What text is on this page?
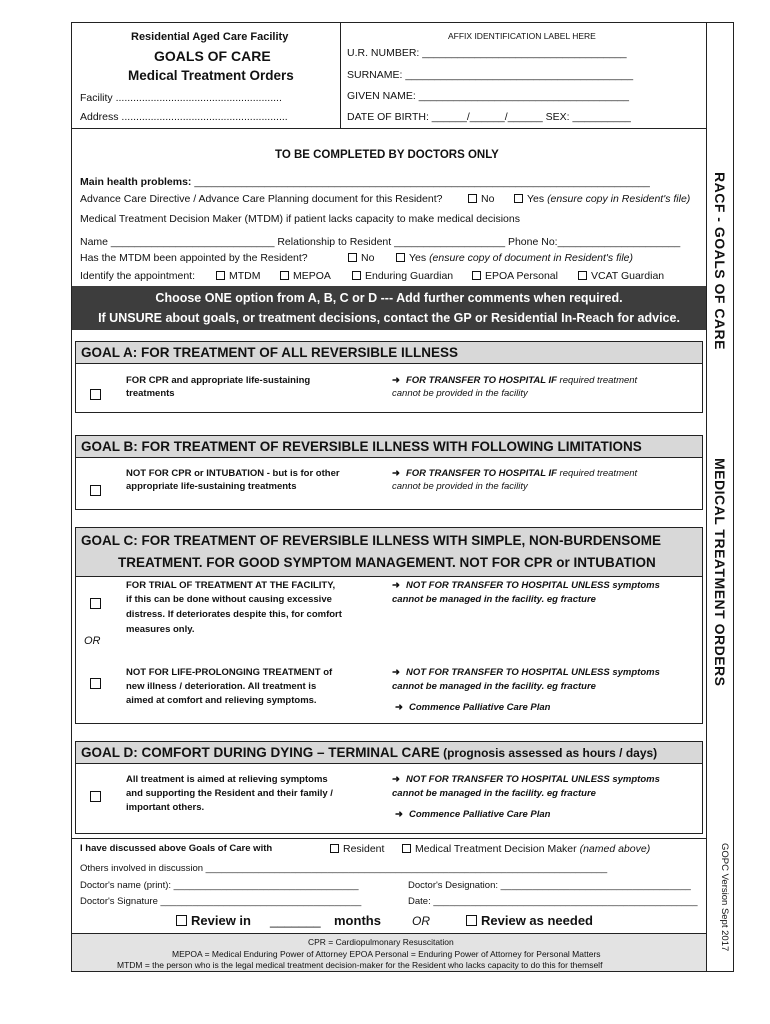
Residential Aged Care Facility
GOALS OF CARE
Medical Treatment Orders
Facility .........................................................
Address .........................................................
AFFIX IDENTIFICATION LABEL HERE
U.R. NUMBER: ___________________________________
SURNAME: _______________________________________
GIVEN NAME: ____________________________________
DATE OF BIRTH: ______/______/______ SEX: __________
TO BE COMPLETED BY DOCTORS ONLY
Main health problems: ______________________________________________________________________________
Advance Care Directive / Advance Care Planning document for this Resident?	No	Yes (ensure copy in Resident's file)
Medical Treatment Decision Maker (MTDM) if patient lacks capacity to make medical decisions
Name ____________________________ Relationship to Resident ___________________ Phone No:_____________________
Has the MTDM been appointed by the Resident?	No	Yes (ensure copy of document in Resident's file)
Identify the appointment:	MTDM	MEPOA	Enduring Guardian	EPOA Personal	VCAT Guardian
Choose ONE option from A, B, C or D --- Add further comments when required.
If UNSURE about goals, or treatment decisions, contact the GP or Residential In-Reach for advice.
GOAL A: FOR TREATMENT OF ALL REVERSIBLE ILLNESS
FOR CPR and appropriate life-sustaining
treatments
➜ FOR TRANSFER TO HOSPITAL IF required treatment
cannot be provided in the facility
GOAL B: FOR TREATMENT OF REVERSIBLE ILLNESS WITH FOLLOWING LIMITATIONS
NOT FOR CPR or INTUBATION - but is for other
appropriate life-sustaining treatments
➜ FOR TRANSFER TO HOSPITAL IF required treatment
cannot be provided in the facility
GOAL C: FOR TREATMENT OF REVERSIBLE ILLNESS WITH SIMPLE, NON-BURDENSOME
TREATMENT. FOR GOOD SYMPTOM MANAGEMENT. NOT FOR CPR or INTUBATION
FOR TRIAL OF TREATMENT AT THE FACILITY,
if this can be done without causing excessive
distress. If deteriorates despite this, for comfort
measures only.
➜ NOT FOR TRANSFER TO HOSPITAL UNLESS symptoms
cannot be managed in the facility. eg fracture
OR
NOT FOR LIFE-PROLONGING TREATMENT of
new illness / deterioration. All treatment is
aimed at comfort and relieving symptoms.
➜ NOT FOR TRANSFER TO HOSPITAL UNLESS symptoms
cannot be managed in the facility. eg fracture
➜ Commence Palliative Care Plan
GOAL D: COMFORT DURING DYING – TERMINAL CARE (prognosis assessed as hours / days)
All treatment is aimed at relieving symptoms
and supporting the Resident and their family /
important others.
➜ NOT FOR TRANSFER TO HOSPITAL UNLESS symptoms
cannot be managed in the facility. eg fracture
➜ Commence Palliative Care Plan
I have discussed above Goals of Care with	Resident	Medical Treatment Decision Maker (named above)
Others involved in discussion ____________________________________________________________________________
Doctor's name (print): ___________________________________	Doctor's Designation: ____________________________________
Doctor's Signature ______________________________________	Date: __________________________________________________
Review in _______ months	OR	Review as needed
CPR = Cardiopulmonary Resuscitation
MEPOA = Medical Enduring Power of Attorney EPOA Personal = Enduring Power of Attorney for Personal Matters
MTDM = the person who is the legal medical treatment decision-maker for the Resident who lacks capacity to do this for themself
RACF - GOALS OF CARE
MEDICAL TREATMENT ORDERS
GOPC Version Sept 2017
